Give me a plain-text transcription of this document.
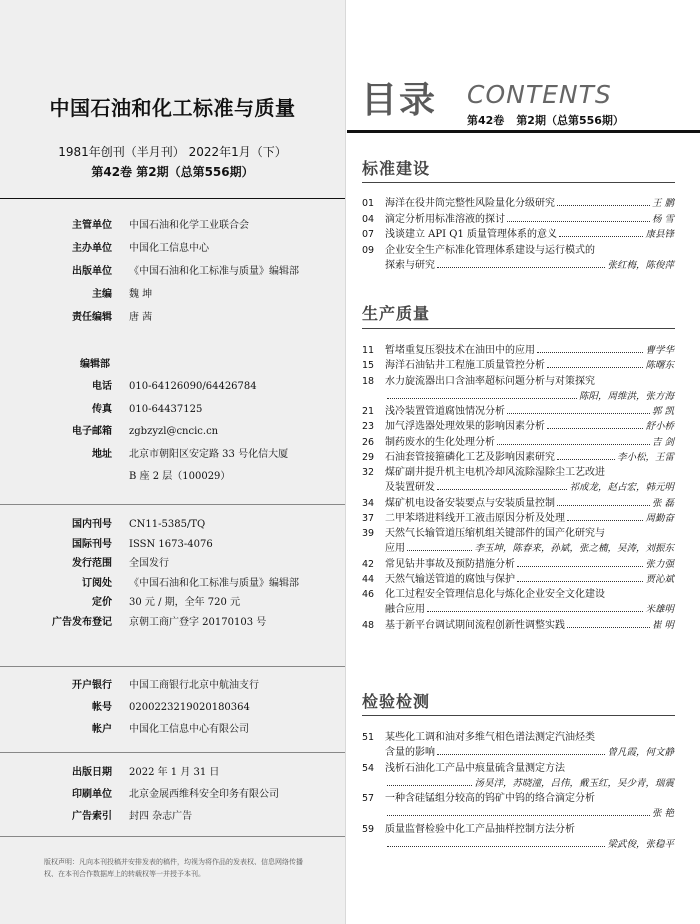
中国石油和化工标准与质量
1981年创刊（半月刊） 2022年1月（下）
第42卷 第2期（总第556期）
主管单位 中国石油和化学工业联合会
主办单位 中国化工信息中心
出版单位 《中国石油和化工标准与质量》编辑部
主编 魏 坤
责任编辑 唐 茜
编辑部
电话 010-64126090/64426784
传真 010-64437125
电子邮箱 zgbzyzl@cncic.cn
地址 北京市朝阳区安定路 33 号化信大厦
B 座 2 层（100029）
国内刊号 CN11-5385/TQ
国际刊号 ISSN 1673-4076
发行范围 全国发行
订阅处 《中国石油和化工标准与质量》编辑部
定价 30 元 / 期，全年 720 元
广告发布登记 京朝工商广登字 20170103 号
开户银行 中国工商银行北京中航油支行
帐号 0200223219020180364
帐户 中国化工信息中心有限公司
出版日期 2022 年 1 月 31 日
印刷单位 北京金展西维科安全印务有限公司
广告索引 封四 杂志广告
版权声明：凡向本刊投稿并安排发表的稿件，均视为将作品的发表权、信息网络传播权、在本刊合作数据库上的转载权等一并授予本刊。
目录 CONTENTS
第42卷 第2期（总第556期）
标准建设
01	海洋在役井筒完整性风险量化分级研究	王 鹏
04	滴定分析用标准溶液的探讨	杨 雪
07	浅谈建立 API Q1 质量管理体系的意义	康县锋
09	企业安全生产标准化管理体系建设与运行模式的
探索与研究	张红梅，陈俊萍
生产质量
11	暂堵重复压裂技术在油田中的应用	曹学华
15	海洋石油钻井工程施工质量管控分析	陈曙东
18	水力旋流器出口含油率超标问题分析与对策探究
陈阳，周维洪，张方海
21	浅冷装置管道腐蚀情况分析	郭 凯
23	加气浮选器处理效果的影响因素分析	舒小桥
26	制药废水的生化处理分析	吉 剑
29	石油套管接箍磷化工艺及影响因素研究	李小松，王雷
32	煤矿副井提升机主电机冷却风流除湿除尘工艺改进
及装置研发	祁成龙，赵占宏，韩元明
34	煤矿机电设备安装要点与安装质量控制	张 磊
37	二甲苯塔进料线开工液击原因分析及处理	周勤奋
39	天然气长输管道压缩机组关键部件的国产化研究与
应用	李玉坤，陈春来，孙斌，张之楠，吴涛，刘振东
42	常见钻井事故及预防措施分析	张力强
44	天然气输送管道的腐蚀与保护	贾沁斌
46	化工过程安全管理信息化与炼化企业安全文化建设
融合应用	米雄明
48	基于新平台调试期间流程创新性调整实践	崔 明
检验检测
51	某些化工调和油对多维气相色谱法测定汽油烃类
含量的影响	曾凡霞，何文静
54	浅析石油化工产品中痕量硫含量测定方法
汤昊洋，苏晓潼，吕伟，戴玉红，吴少青，瑞震
57	一种含硅锰组分较高的钨矿中钨的络合滴定分析
张 艳
59	质量监督检验中化工产品抽样控制方法分析
梁武俊，张稳平
